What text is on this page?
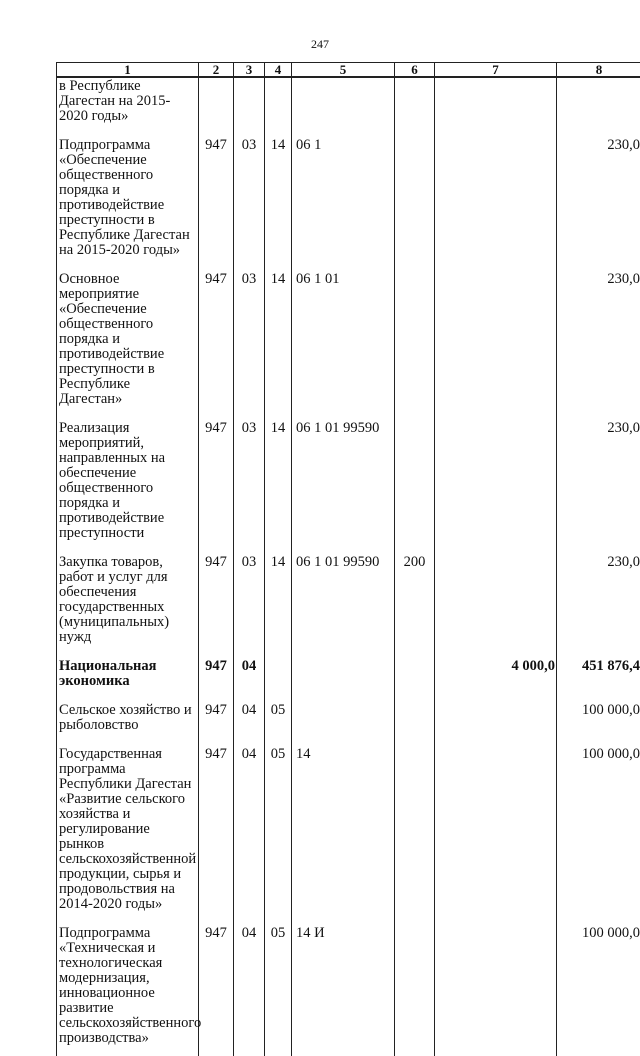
247
1	2	3	4	5	6	7	8
в Республике Дагестан на 2015-2020 годы»							
Подпрограмма «Обеспечение общественного порядка и противодействие преступности в Республике Дагестан на 2015-2020 годы»	947	03	14	06 1			230,0
Основное мероприятие «Обеспечение общественного порядка и противодействие преступности в Республике Дагестан»	947	03	14	06 1 01			230,0
Реализация мероприятий, направленных на обеспечение общественного порядка и противодействие преступности	947	03	14	06 1 01 99590			230,0
Закупка товаров, работ и услуг для обеспечения государственных (муниципальных) нужд	947	03	14	06 1 01 99590	200		230,0
Национальная экономика	947	04				4 000,0	451 876,4
Сельское хозяйство и рыболовство	947	04	05				100 000,0
Государственная программа Республики Дагестан «Развитие сельского хозяйства и регулирование рынков сельскохозяйственной продукции, сырья и продовольствия на 2014-2020 годы»	947	04	05	14			100 000,0
Подпрограмма «Техническая и технологическая модернизация, инновационное развитие сельскохозяйственного производства»	947	04	05	14 И			100 000,0
